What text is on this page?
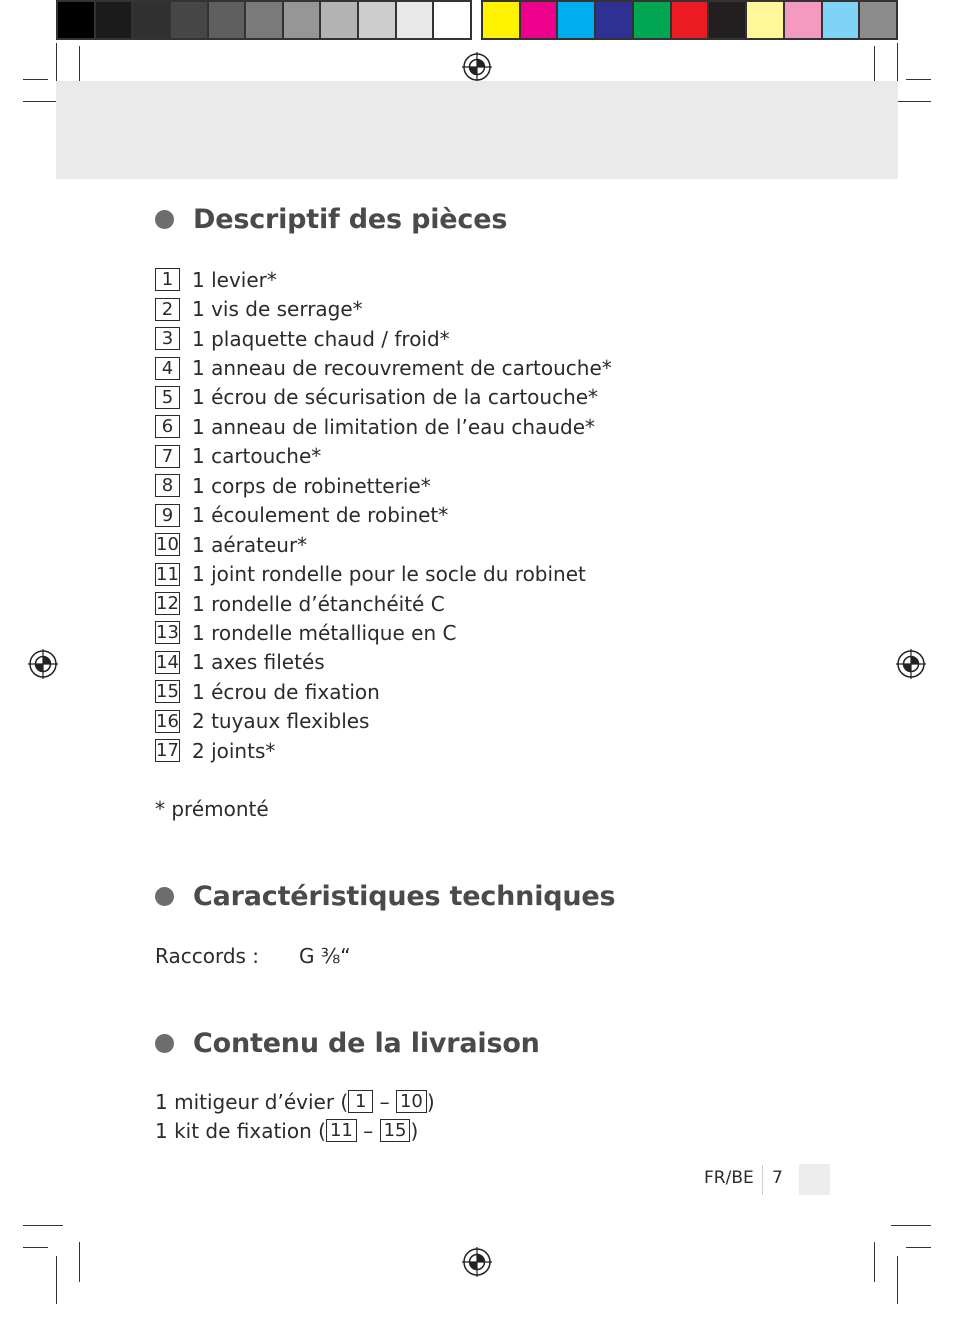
Descriptif des pièces
1 1 levier*
2 1 vis de serrage*
3 1 plaquette chaud / froid*
4 1 anneau de recouvrement de cartouche*
5 1 écrou de sécurisation de la cartouche*
6 1 anneau de limitation de l’eau chaude*
7 1 cartouche*
8 1 corps de robinetterie*
9 1 écoulement de robinet*
10 1 aérateur*
11 1 joint rondelle pour le socle du robinet
12 1 rondelle d’étanchéité C
13 1 rondelle métallique en C
14 1 axes filetés
15 1 écrou de fixation
16 2 tuyaux flexibles
17 2 joints*
* prémonté
Caractéristiques techniques
Raccords : G ⅜“
Contenu de la livraison
1 mitigeur d’évier ( 1 – 10 )
1 kit de fixation ( 11 – 15 )
FR/BE 7
